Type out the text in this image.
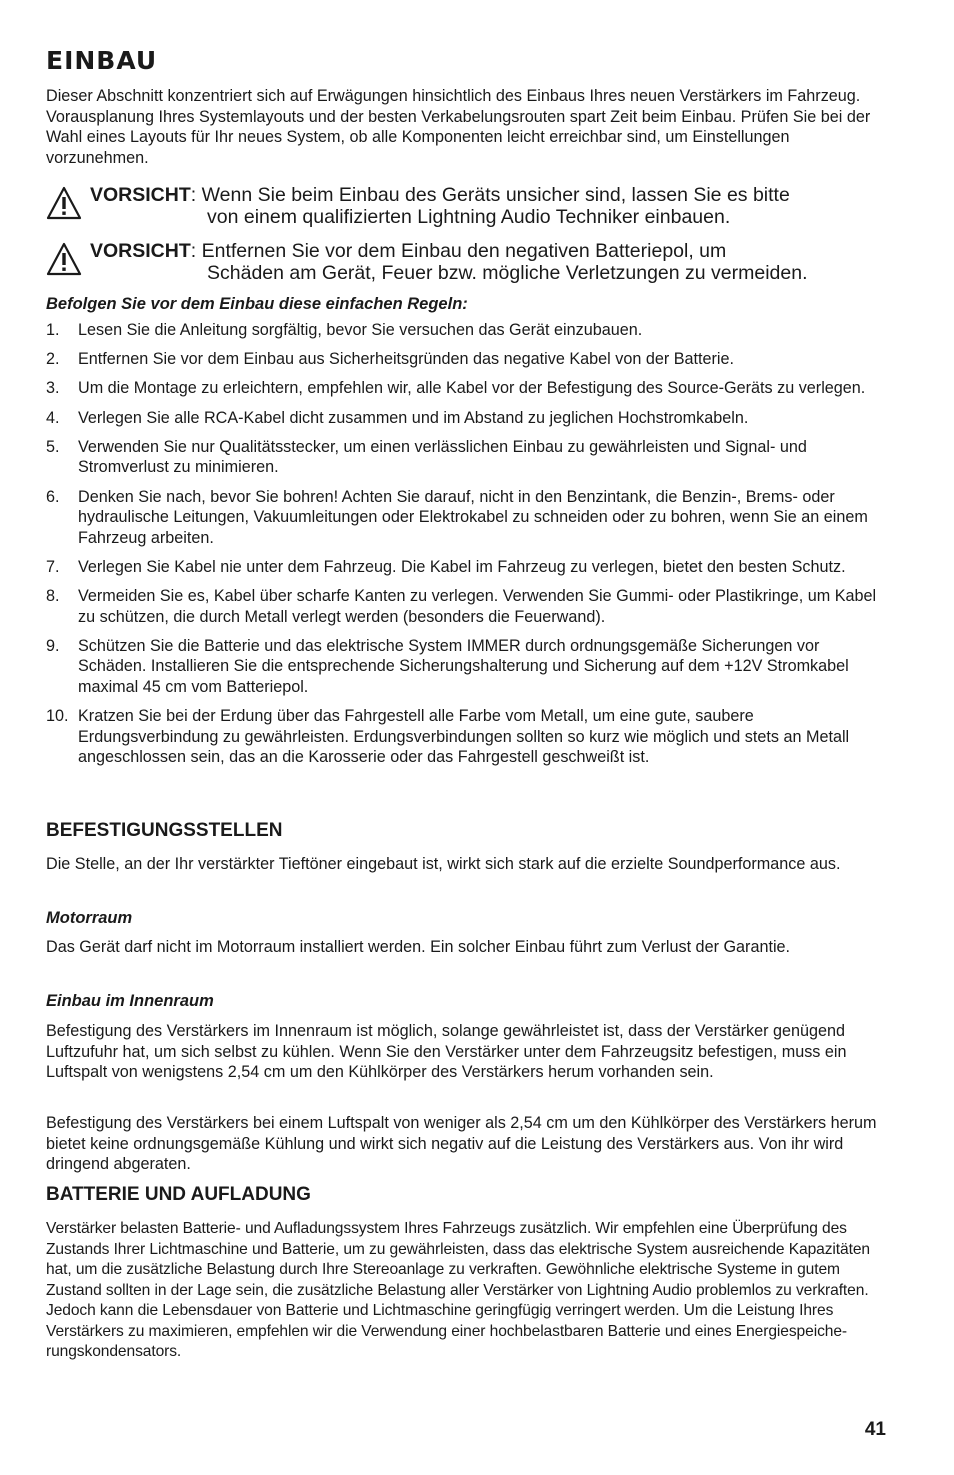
EINBAU

Dieser Abschnitt konzentriert sich auf Erwägungen hinsichtlich des Einbaus Ihres neuen Verstärkers im Fahrzeug. Vorausplanung Ihres Systemlayouts und der besten Verkabelungsrouten spart Zeit beim Einbau. Prüfen Sie bei der Wahl eines Layouts für Ihr neues System, ob alle Komponenten leicht erreichbar sind, um Einstellungen vorzunehmen.

VORSICHT: Wenn Sie beim Einbau des Geräts unsicher sind, lassen Sie es bitte
von einem qualifizierten Lightning Audio Techniker einbauen.
VORSICHT: Entfernen Sie vor dem Einbau den negativen Batteriepol, um
Schäden am Gerät, Feuer bzw. mögliche Verletzungen zu vermeiden.
Befolgen Sie vor dem Einbau diese einfachen Regeln:
1. Lesen Sie die Anleitung sorgfältig, bevor Sie versuchen das Gerät einzubauen.
2. Entfernen Sie vor dem Einbau aus Sicherheitsgründen das negative Kabel von der Batterie.
3. Um die Montage zu erleichtern, empfehlen wir, alle Kabel vor der Befestigung des Source-Geräts zu verlegen.
4. Verlegen Sie alle RCA-Kabel dicht zusammen und im Abstand zu jeglichen Hochstromkabeln.
5. Verwenden Sie nur Qualitätsstecker, um einen verlässlichen Einbau zu gewährleisten und Signal- und Stromverlust zu minimieren.
6. Denken Sie nach, bevor Sie bohren! Achten Sie darauf, nicht in den Benzintank, die Benzin-, Brems- oder hydraulische Leitungen, Vakuumleitungen oder Elektrokabel zu schneiden oder zu bohren, wenn Sie an einem Fahrzeug arbeiten.
7. Verlegen Sie Kabel nie unter dem Fahrzeug. Die Kabel im Fahrzeug zu verlegen, bietet den besten Schutz.
8. Vermeiden Sie es, Kabel über scharfe Kanten zu verlegen. Verwenden Sie Gummi- oder Plastikringe, um Kabel zu schützen, die durch Metall verlegt werden (besonders die Feuerwand).
9. Schützen Sie die Batterie und das elektrische System IMMER durch ordnungsgemäße Sicherungen vor Schäden. Installieren Sie die entsprechende Sicherungshalterung und Sicherung auf dem +12V Stromkabel maximal 45 cm vom Batteriepol.
10. Kratzen Sie bei der Erdung über das Fahrgestell alle Farbe vom Metall, um eine gute, saubere Erdungsverbindung zu gewährleisten. Erdungsverbindungen sollten so kurz wie möglich und stets an Metall angeschlossen sein, das an die Karosserie oder das Fahrgestell geschweißt ist.
BEFESTIGUNGSSTELLEN

Die Stelle, an der Ihr verstärkter Tieftöner eingebaut ist, wirkt sich stark auf die erzielte Soundperformance aus.

Motorraum

Das Gerät darf nicht im Motorraum installiert werden. Ein solcher Einbau führt zum Verlust der Garantie.

Einbau im Innenraum

Befestigung des Verstärkers im Innenraum ist möglich, solange gewährleistet ist, dass der Verstärker genügend Luftzufuhr hat, um sich selbst zu kühlen. Wenn Sie den Verstärker unter dem Fahrzeugsitz befestigen, muss ein Luftspalt von wenigstens 2,54 cm um den Kühlkörper des Verstärkers herum vorhanden sein.

Befestigung des Verstärkers bei einem Luftspalt von weniger als 2,54 cm um den Kühlkörper des Verstärkers herum bietet keine ordnungsgemäße Kühlung und wirkt sich negativ auf die Leistung des Verstärkers aus. Von ihr wird dringend abgeraten.

BATTERIE UND AUFLADUNG

Verstärker belasten Batterie- und Aufladungssystem Ihres Fahrzeugs zusätzlich. Wir empfehlen eine Überprüfung des Zustands Ihrer Lichtmaschine und Batterie, um zu gewährleisten, dass das elektrische System ausreichende Kapazitäten hat, um die zusätzliche Belastung durch Ihre Stereoanlage zu verkraften. Gewöhnliche elektrische Systeme in gutem Zustand sollten in der Lage sein, die zusätzliche Belastung aller Verstärker von Lightning Audio problemlos zu verkraften. Jedoch kann die Lebensdauer von Batterie und Lichtmaschine geringfügig verringert werden. Um die Leistung Ihres Verstärkers zu maximieren, empfehlen wir die Verwendung einer hochbelastbaren Batterie und eines Energiespeiche-rungskondensators.

41
